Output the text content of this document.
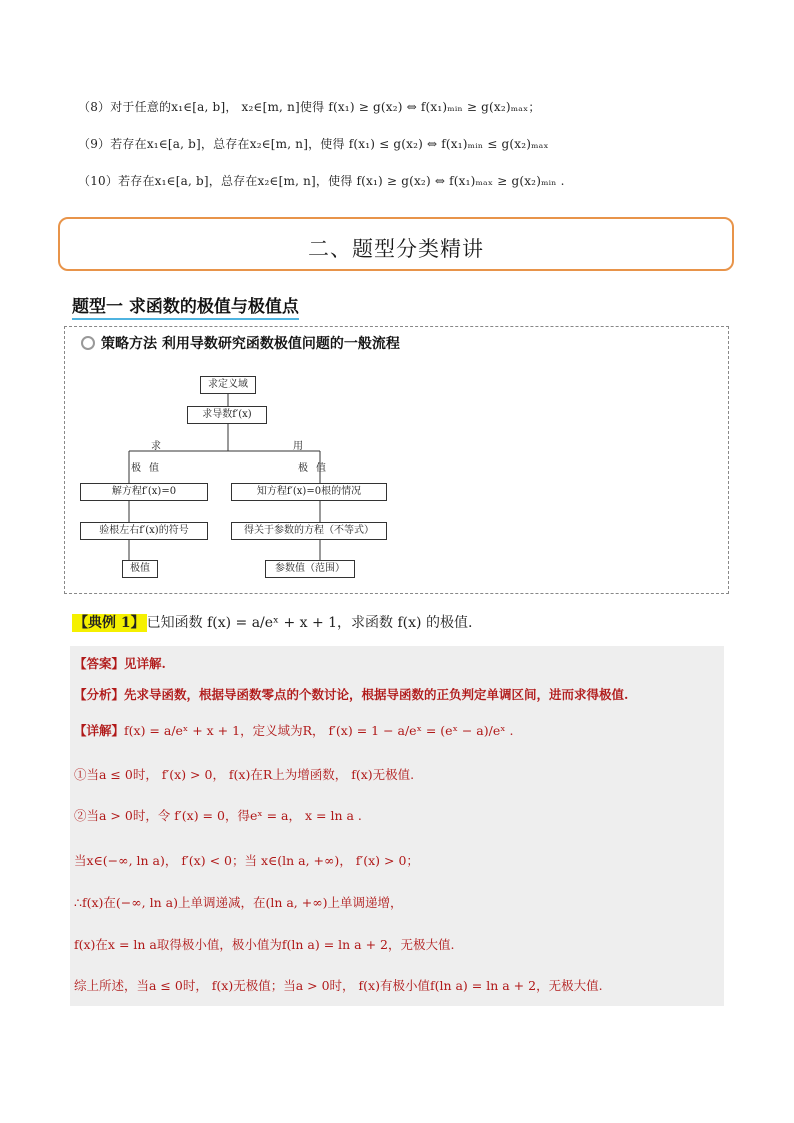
（8）对于任意的x₁∈[a, b]， x₂∈[m, n]使得 f(x₁) ≥ g(x₂) ⇔ f(x₁)ₘᵢₙ ≥ g(x₂)ₘₐₓ；
（9）若存在x₁∈[a, b]，总存在x₂∈[m, n]，使得 f(x₁) ≤ g(x₂) ⇔ f(x₁)ₘᵢₙ ≤ g(x₂)ₘₐₓ
（10）若存在x₁∈[a, b]，总存在x₂∈[m, n]，使得 f(x₁) ≥ g(x₂) ⇔ f(x₁)ₘₐₓ ≥ g(x₂)ₘᵢₙ .
二、题型分类精讲
题型一 求函数的极值与极值点
策略方法 利用导数研究函数极值问题的一般流程
求定义域
求导数f′(x)
求
极 值
用
极 值
解方程f′(x)=0	知方程f′(x)=0根的情况
验根左右f′(x)的符号	得关于参数的方程（不等式）
极值	参数值（范围）
【典例 1】 已知函数 f(x) = a/eˣ + x + 1，求函数 f(x) 的极值.
【答案】见详解.
【分析】先求导函数，根据导函数零点的个数讨论，根据导函数的正负判定单调区间，进而求得极值.
【详解】f(x) = a/eˣ + x + 1，定义域为R， f′(x) = 1 − a/eˣ = (eˣ − a)/eˣ .
①当a ≤ 0时， f′(x) > 0， f(x)在R上为增函数， f(x)无极值.
②当a > 0时，令 f′(x) = 0，得eˣ = a， x = ln a .
当x∈(−∞, ln a)， f′(x) < 0；当 x∈(ln a, +∞)， f′(x) > 0；
∴f(x)在(−∞, ln a)上单调递减，在(ln a, +∞)上单调递增，
f(x)在x = ln a取得极小值，极小值为f(ln a) = ln a + 2，无极大值.
综上所述，当a ≤ 0时， f(x)无极值；当a > 0时， f(x)有极小值f(ln a) = ln a + 2，无极大值.
